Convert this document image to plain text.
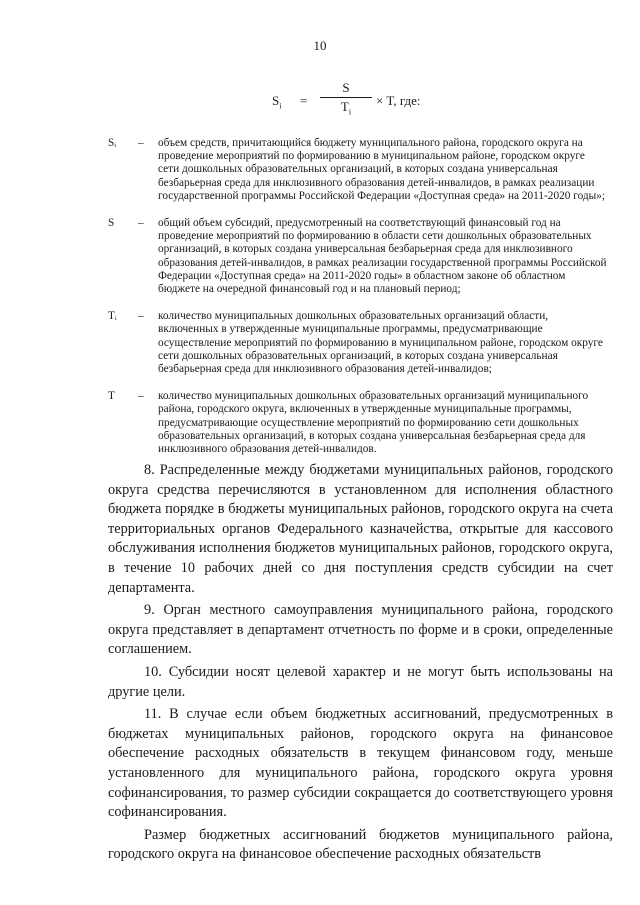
10
$S_i$ =
S
$T_i$
× T, где:
Sᵢ	–	объем средств, причитающийся бюджету муниципального района, городского округа на проведение мероприятий по формированию в муниципальном районе, городском округе сети дошкольных образовательных организаций, в которых создана универсальная безбарьерная среда для инклюзивного образования детей-инвалидов, в рамках реализации государственной программы Российской Федерации «Доступная среда» на 2011-2020 годы»;
S	–	общий объем субсидий, предусмотренный на соответствующий финансовый год на проведение мероприятий по формированию в области сети дошкольных образовательных организаций, в которых создана универсальная безбарьерная среда для инклюзивного образования детей-инвалидов, в рамках реализации государственной программы Российской Федерации «Доступная среда» на 2011-2020 годы» в областном законе об областном бюджете на очередной финансовый год и на плановый период;
Tᵢ	–	количество муниципальных дошкольных образовательных организаций области, включенных в утвержденные муниципальные программы, предусматривающие осуществление мероприятий по формированию в муниципальном районе, городском округе сети дошкольных образовательных организаций, в которых создана универсальная безбарьерная среда для инклюзивного образования детей-инвалидов;
T	–	количество муниципальных дошкольных образовательных организаций муниципального района, городского округа, включенных в утвержденные муниципальные программы, предусматривающие осуществление мероприятий по формированию сети дошкольных образовательных организаций, в которых создана универсальная безбарьерная среда для инклюзивного образования детей-инвалидов.

8. Распределенные между бюджетами муниципальных районов, городского округа средства перечисляются в установленном для исполнения областного бюджета порядке в бюджеты муниципальных районов, городского округа на счета территориальных органов Федерального казначейства, открытые для кассового обслуживания исполнения бюджетов муниципальных районов, городского округа, в течение 10 рабочих дней со дня поступления средств субсидии на счет департамента.

9. Орган местного самоуправления муниципального района, городского округа представляет в департамент отчетность по форме и в сроки, определенные соглашением.

10. Субсидии носят целевой характер и не могут быть использованы на другие цели.

11. В случае если объем бюджетных ассигнований, предусмотренных в бюджетах муниципальных районов, городского округа на финансовое обеспечение расходных обязательств в текущем финансовом году, меньше установленного для муниципального района, городского округа уровня софинансирования, то размер субсидии сокращается до соответствующего уровня софинансирования.

Размер бюджетных ассигнований бюджетов муниципального района, городского округа на финансовое обеспечение расходных обязательств
